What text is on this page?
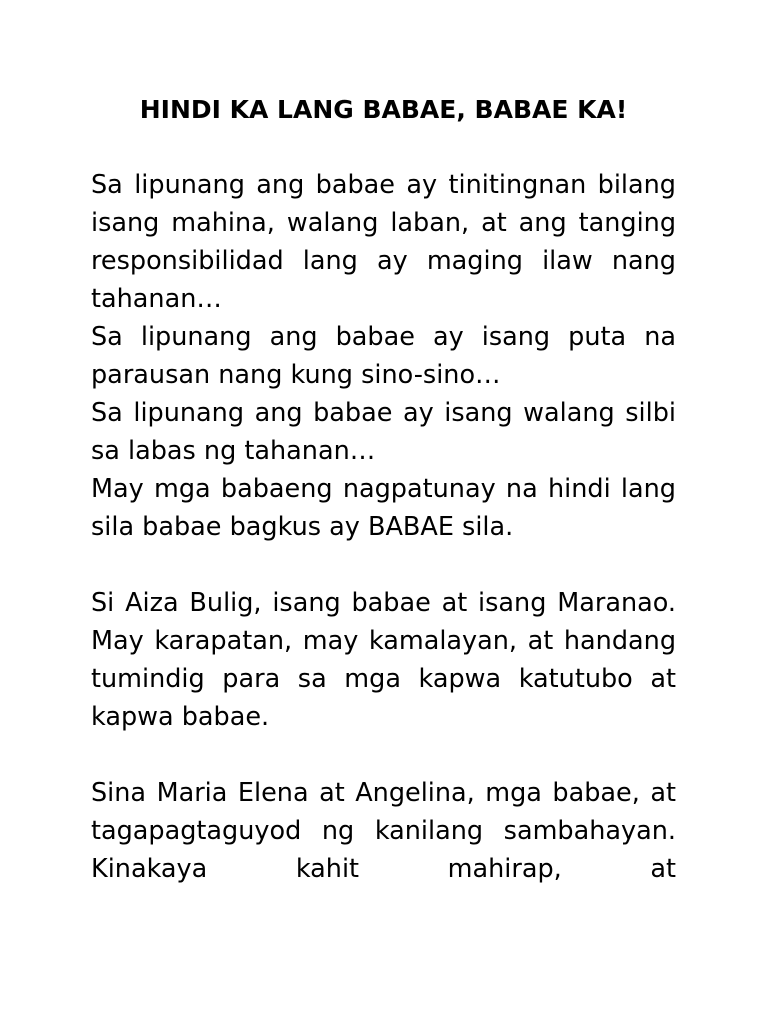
HINDI KA LANG BABAE, BABAE KA!
Sa lipunang ang babae ay tinitingnan bilang isang mahina, walang laban, at ang tanging responsibilidad lang ay maging ilaw nang tahanan…
Sa lipunang ang babae ay isang puta na parausan nang kung sino-sino…
Sa lipunang ang babae ay isang walang silbi sa labas ng tahanan…
May mga babaeng nagpatunay na hindi lang sila babae bagkus ay BABAE sila.
Si Aiza Bulig, isang babae at isang Maranao. May karapatan, may kamalayan, at handang tumindig para sa mga kapwa katutubo at kapwa babae.
Sina Maria Elena at Angelina, mga babae, at tagapagtaguyod ng kanilang sambahayan. Kinakaya kahit mahirap, at
